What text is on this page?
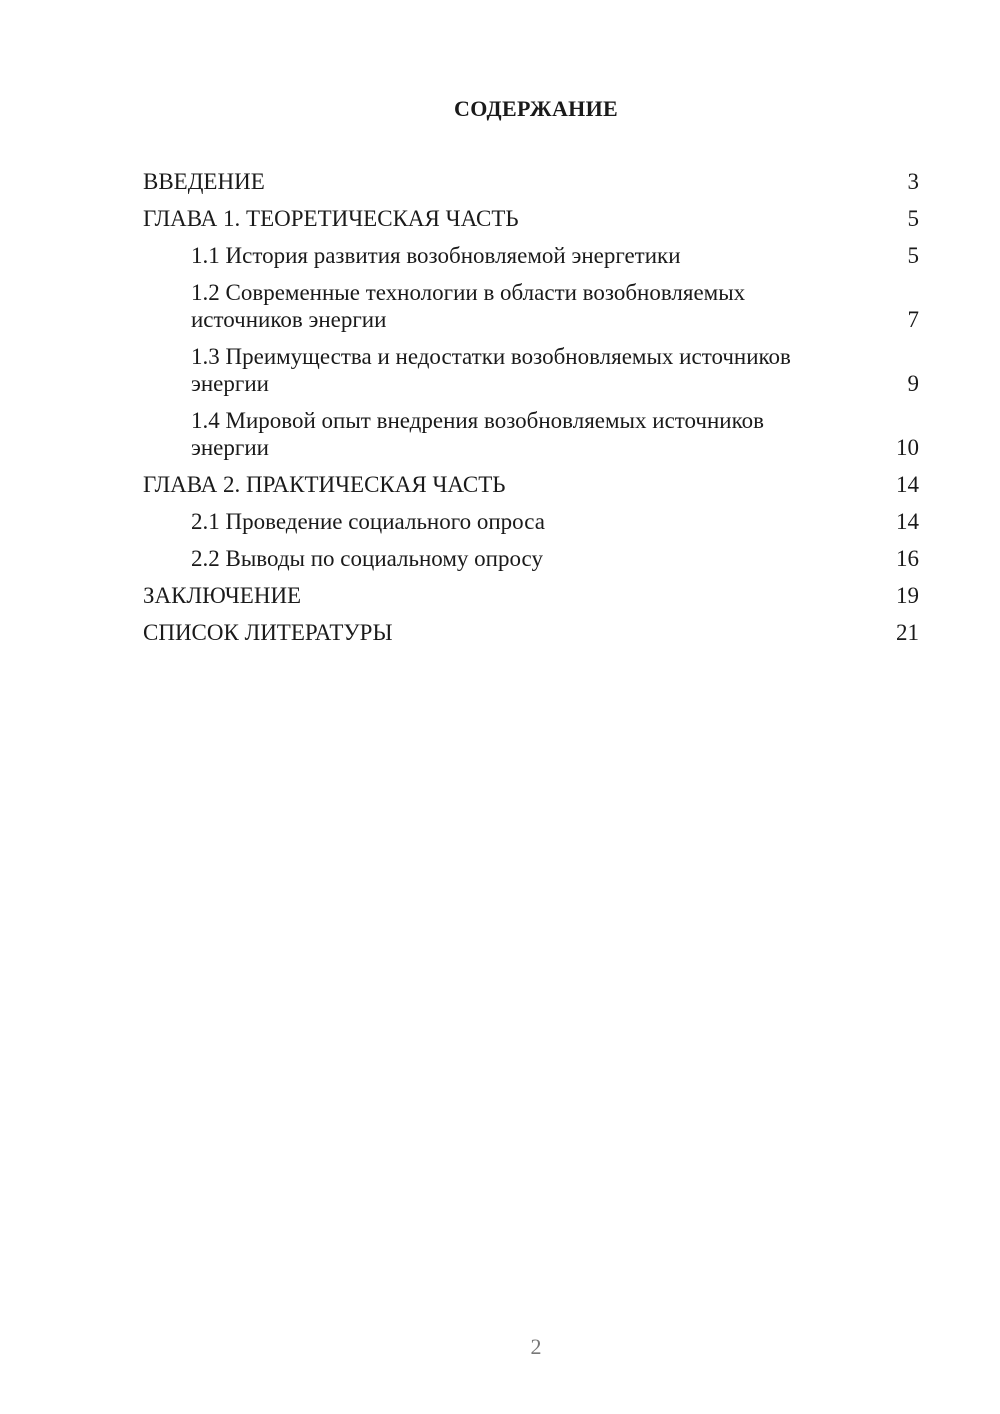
СОДЕРЖАНИЕ
ВВЕДЕНИЕ	3
ГЛАВА 1. ТЕОРЕТИЧЕСКАЯ ЧАСТЬ	5
1.1 История развития возобновляемой энергетики	5
1.2 Современные технологии в области возобновляемых источников энергии	7
1.3 Преимущества и недостатки возобновляемых источников энергии	9
1.4 Мировой опыт внедрения возобновляемых источников энергии	10
ГЛАВА 2. ПРАКТИЧЕСКАЯ ЧАСТЬ	14
2.1 Проведение социального опроса	14
2.2 Выводы по социальному опросу	16
ЗАКЛЮЧЕНИЕ	19
СПИСОК ЛИТЕРАТУРЫ	21
2
